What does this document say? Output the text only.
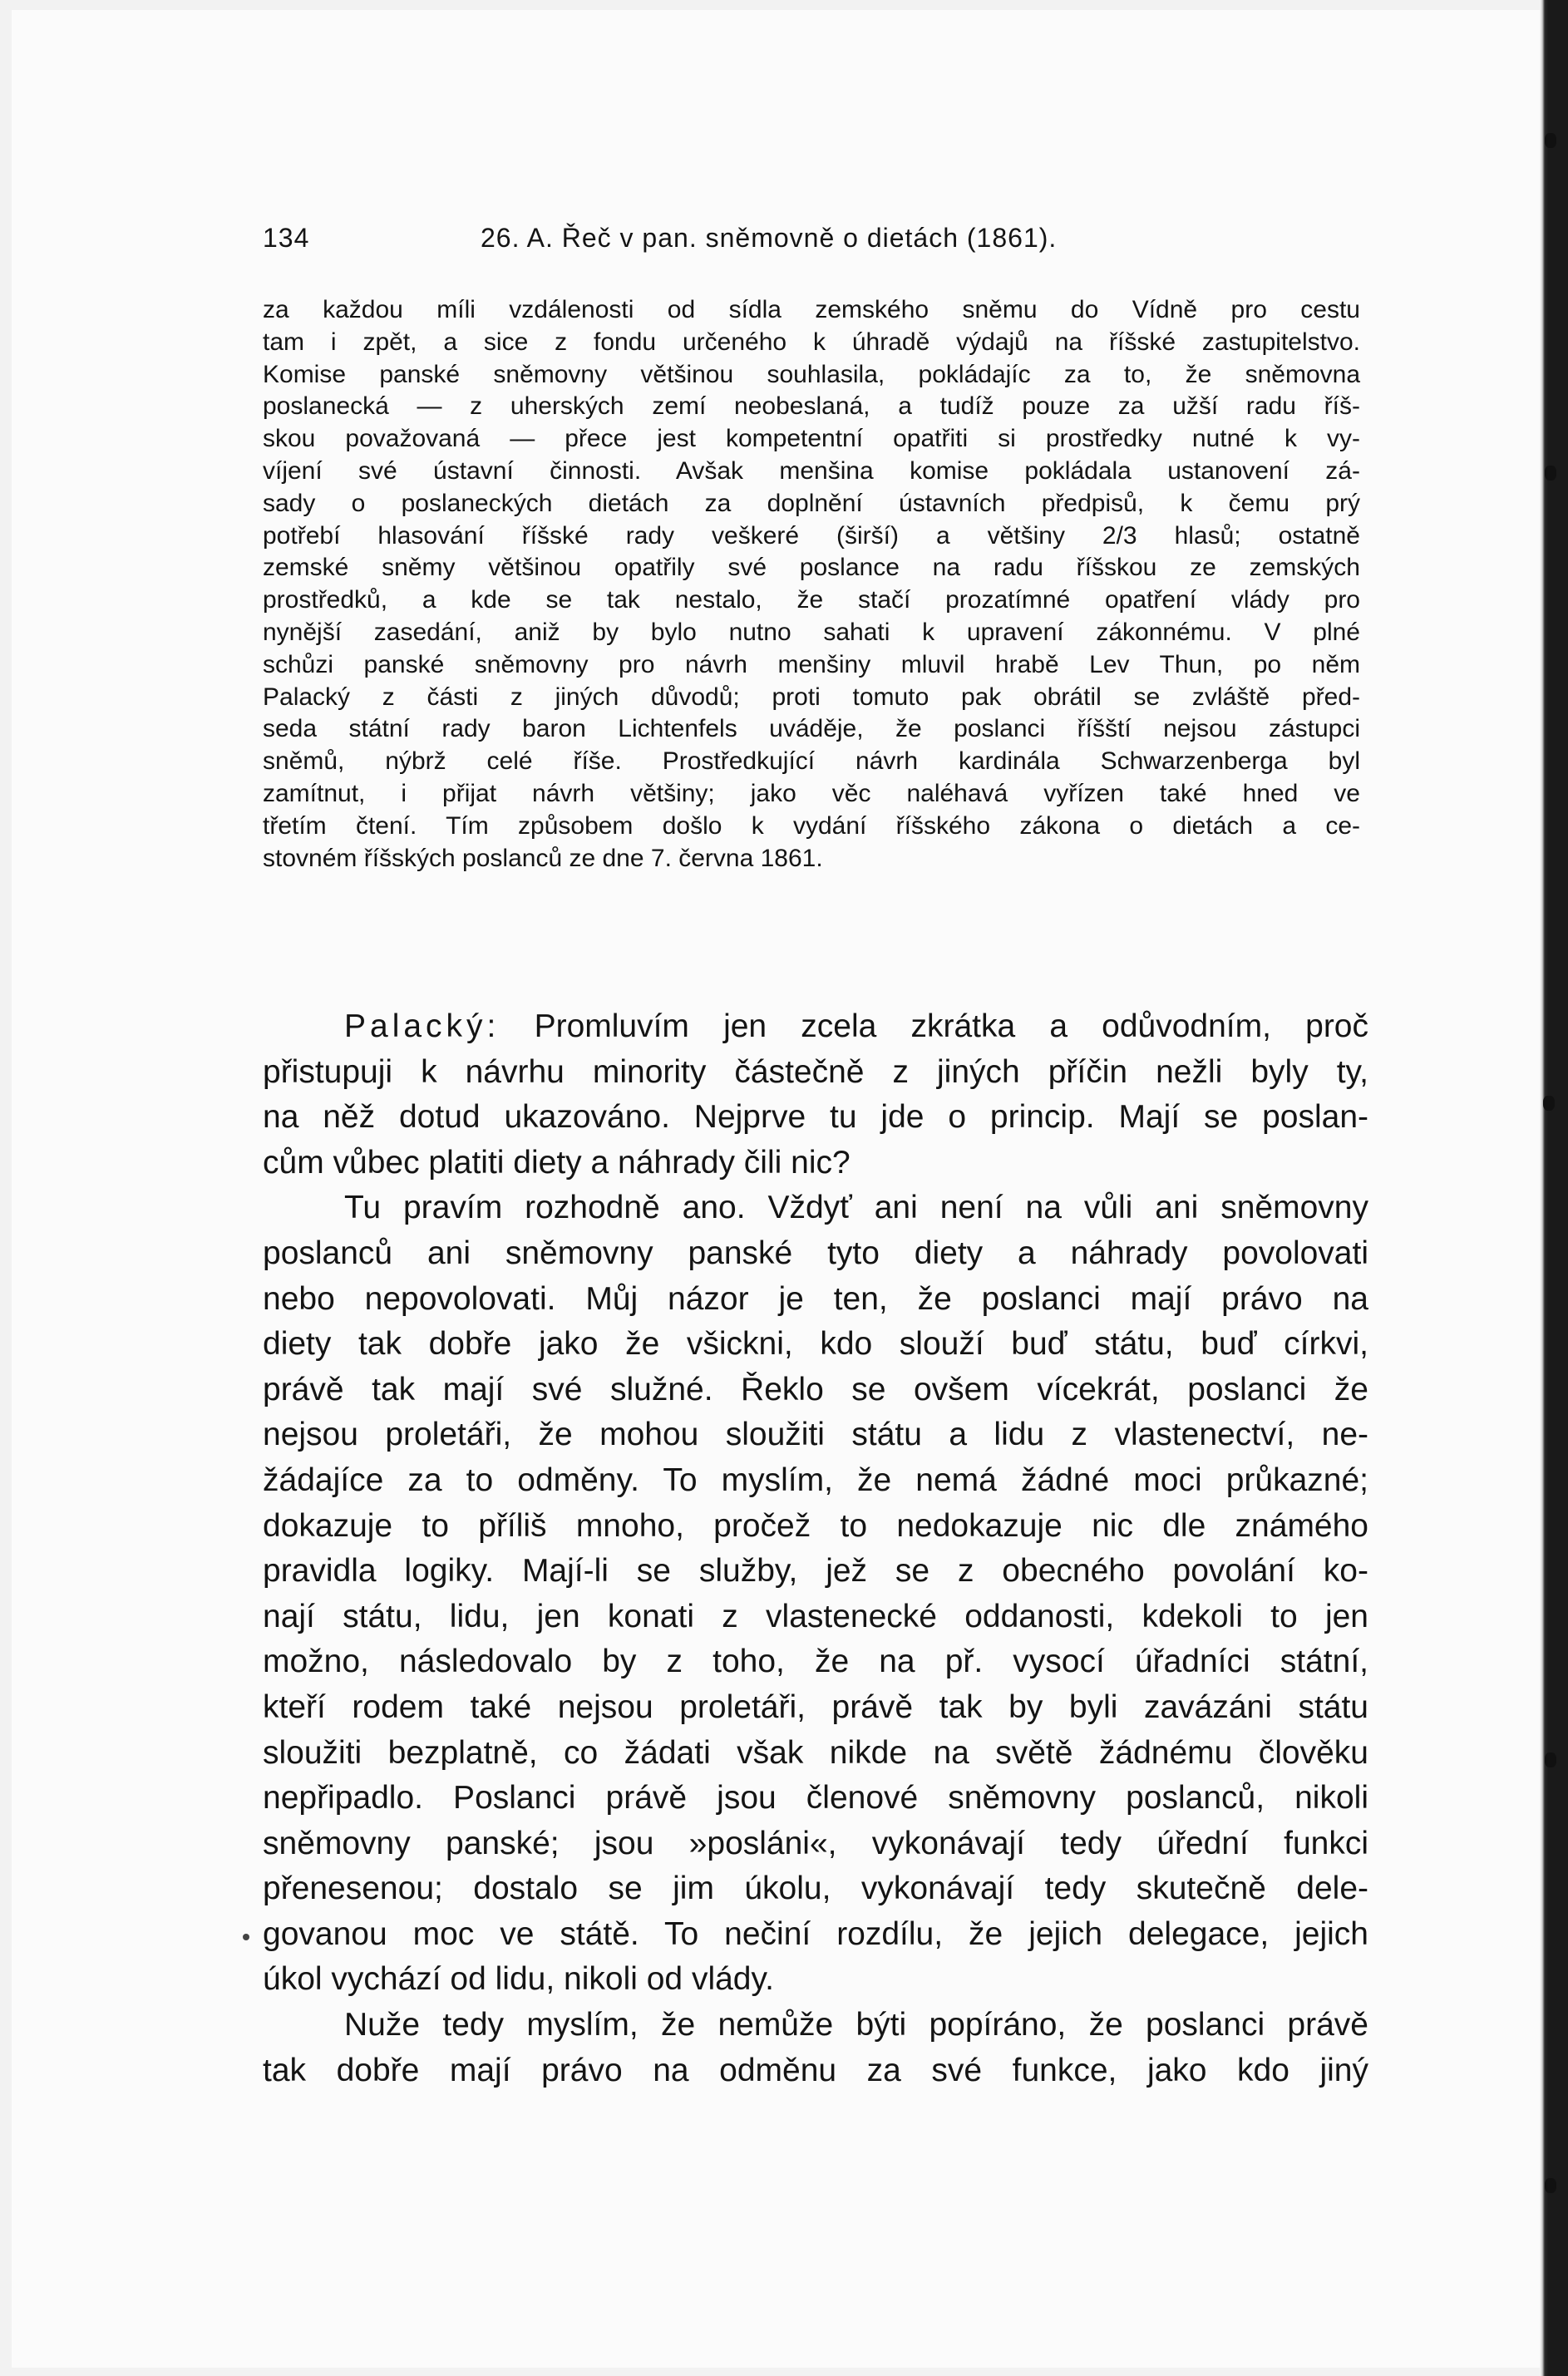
134	26. A. Řeč v pan. sněmovně o dietách (1861).
za každou míli vzdálenosti od sídla zemského sněmu do Vídně pro cestu
tam i zpět, a sice z fondu určeného k úhradě výdajů na říšské zastupitelstvo.
Komise panské sněmovny většinou souhlasila, pokládajíc za to, že sněmovna
poslanecká — z uherských zemí neobeslaná, a tudíž pouze za užší radu říš-
skou považovaná — přece jest kompetentní opatřiti si prostředky nutné k vy-
víjení své ústavní činnosti. Avšak menšina komise pokládala ustanovení zá-
sady o poslaneckých dietách za doplnění ústavních předpisů, k čemu prý
potřebí hlasování říšské rady veškeré (širší) a většiny 2/3 hlasů; ostatně
zemské sněmy většinou opatřily své poslance na radu říšskou ze zemských
prostředků, a kde se tak nestalo, že stačí prozatímné opatření vlády pro
nynější zasedání, aniž by bylo nutno sahati k upravení zákonnému. V plné
schůzi panské sněmovny pro návrh menšiny mluvil hrabě Lev Thun, po něm
Palacký z části z jiných důvodů; proti tomuto pak obrátil se zvláště před-
seda státní rady baron Lichtenfels uváděje, že poslanci říšští nejsou zástupci
sněmů, nýbrž celé říše. Prostředkující návrh kardinála Schwarzenberga byl
zamítnut, i přijat návrh většiny; jako věc naléhavá vyřízen také hned ve
třetím čtení. Tím způsobem došlo k vydání říšského zákona o dietách a ce-
stovném říšských poslanců ze dne 7. června 1861.
Palacký: Promluvím jen zcela zkrátka a odůvodním, proč
přistupuji k návrhu minority částečně z jiných příčin nežli byly ty,
na něž dotud ukazováno. Nejprve tu jde o princip. Mají se poslan-
cům vůbec platiti diety a náhrady čili nic?
Tu pravím rozhodně ano. Vždyť ani není na vůli ani sněmovny
poslanců ani sněmovny panské tyto diety a náhrady povolovati
nebo nepovolovati. Můj názor je ten, že poslanci mají právo na
diety tak dobře jako že všickni, kdo slouží buď státu, buď církvi,
právě tak mají své služné. Řeklo se ovšem vícekrát, poslanci že
nejsou proletáři, že mohou sloužiti státu a lidu z vlastenectví, ne-
žádajíce za to odměny. To myslím, že nemá žádné moci průkazné;
dokazuje to příliš mnoho, pročež to nedokazuje nic dle známého
pravidla logiky. Mají-li se služby, jež se z obecného povolání ko-
nají státu, lidu, jen konati z vlastenecké oddanosti, kdekoli to jen
možno, následovalo by z toho, že na př. vysocí úřadníci státní,
kteří rodem také nejsou proletáři, právě tak by byli zavázáni státu
sloužiti bezplatně, co žádati však nikde na světě žádnému člověku
nepřipadlo. Poslanci právě jsou členové sněmovny poslanců, nikoli
sněmovny panské; jsou »posláni«, vykonávají tedy úřední funkci
přenesenou; dostalo se jim úkolu, vykonávají tedy skutečně dele-
govanou moc ve státě. To nečiní rozdílu, že jejich delegace, jejich
úkol vychází od lidu, nikoli od vlády.
Nuže tedy myslím, že nemůže býti popíráno, že poslanci právě
tak dobře mají právo na odměnu za své funkce, jako kdo jiný
